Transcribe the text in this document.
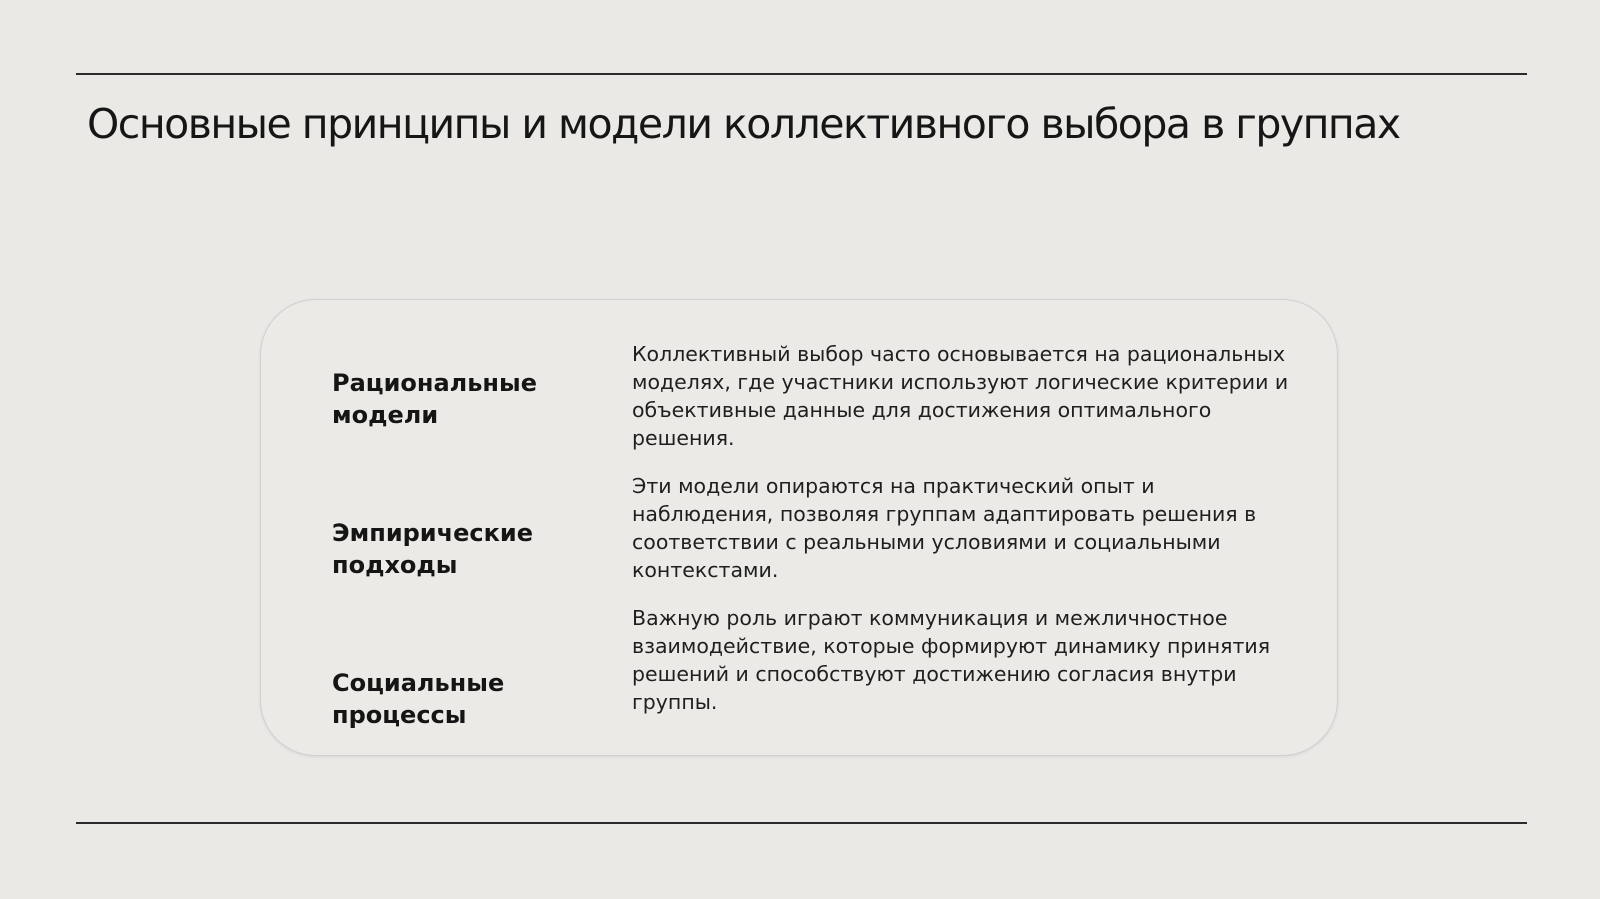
Основные принципы и модели коллективного выбора в группах

Рациональные модели

Коллективный выбор часто основывается на рациональных моделях, где участники используют логические критерии и объективные данные для достижения оптимального решения.

Эмпирические подходы

Эти модели опираются на практический опыт и наблюдения, позволяя группам адаптировать решения в соответствии с реальными условиями и социальными контекстами.

Социальные процессы

Важную роль играют коммуникация и межличностное взаимодействие, которые формируют динамику принятия решений и способствуют достижению согласия внутри группы.
